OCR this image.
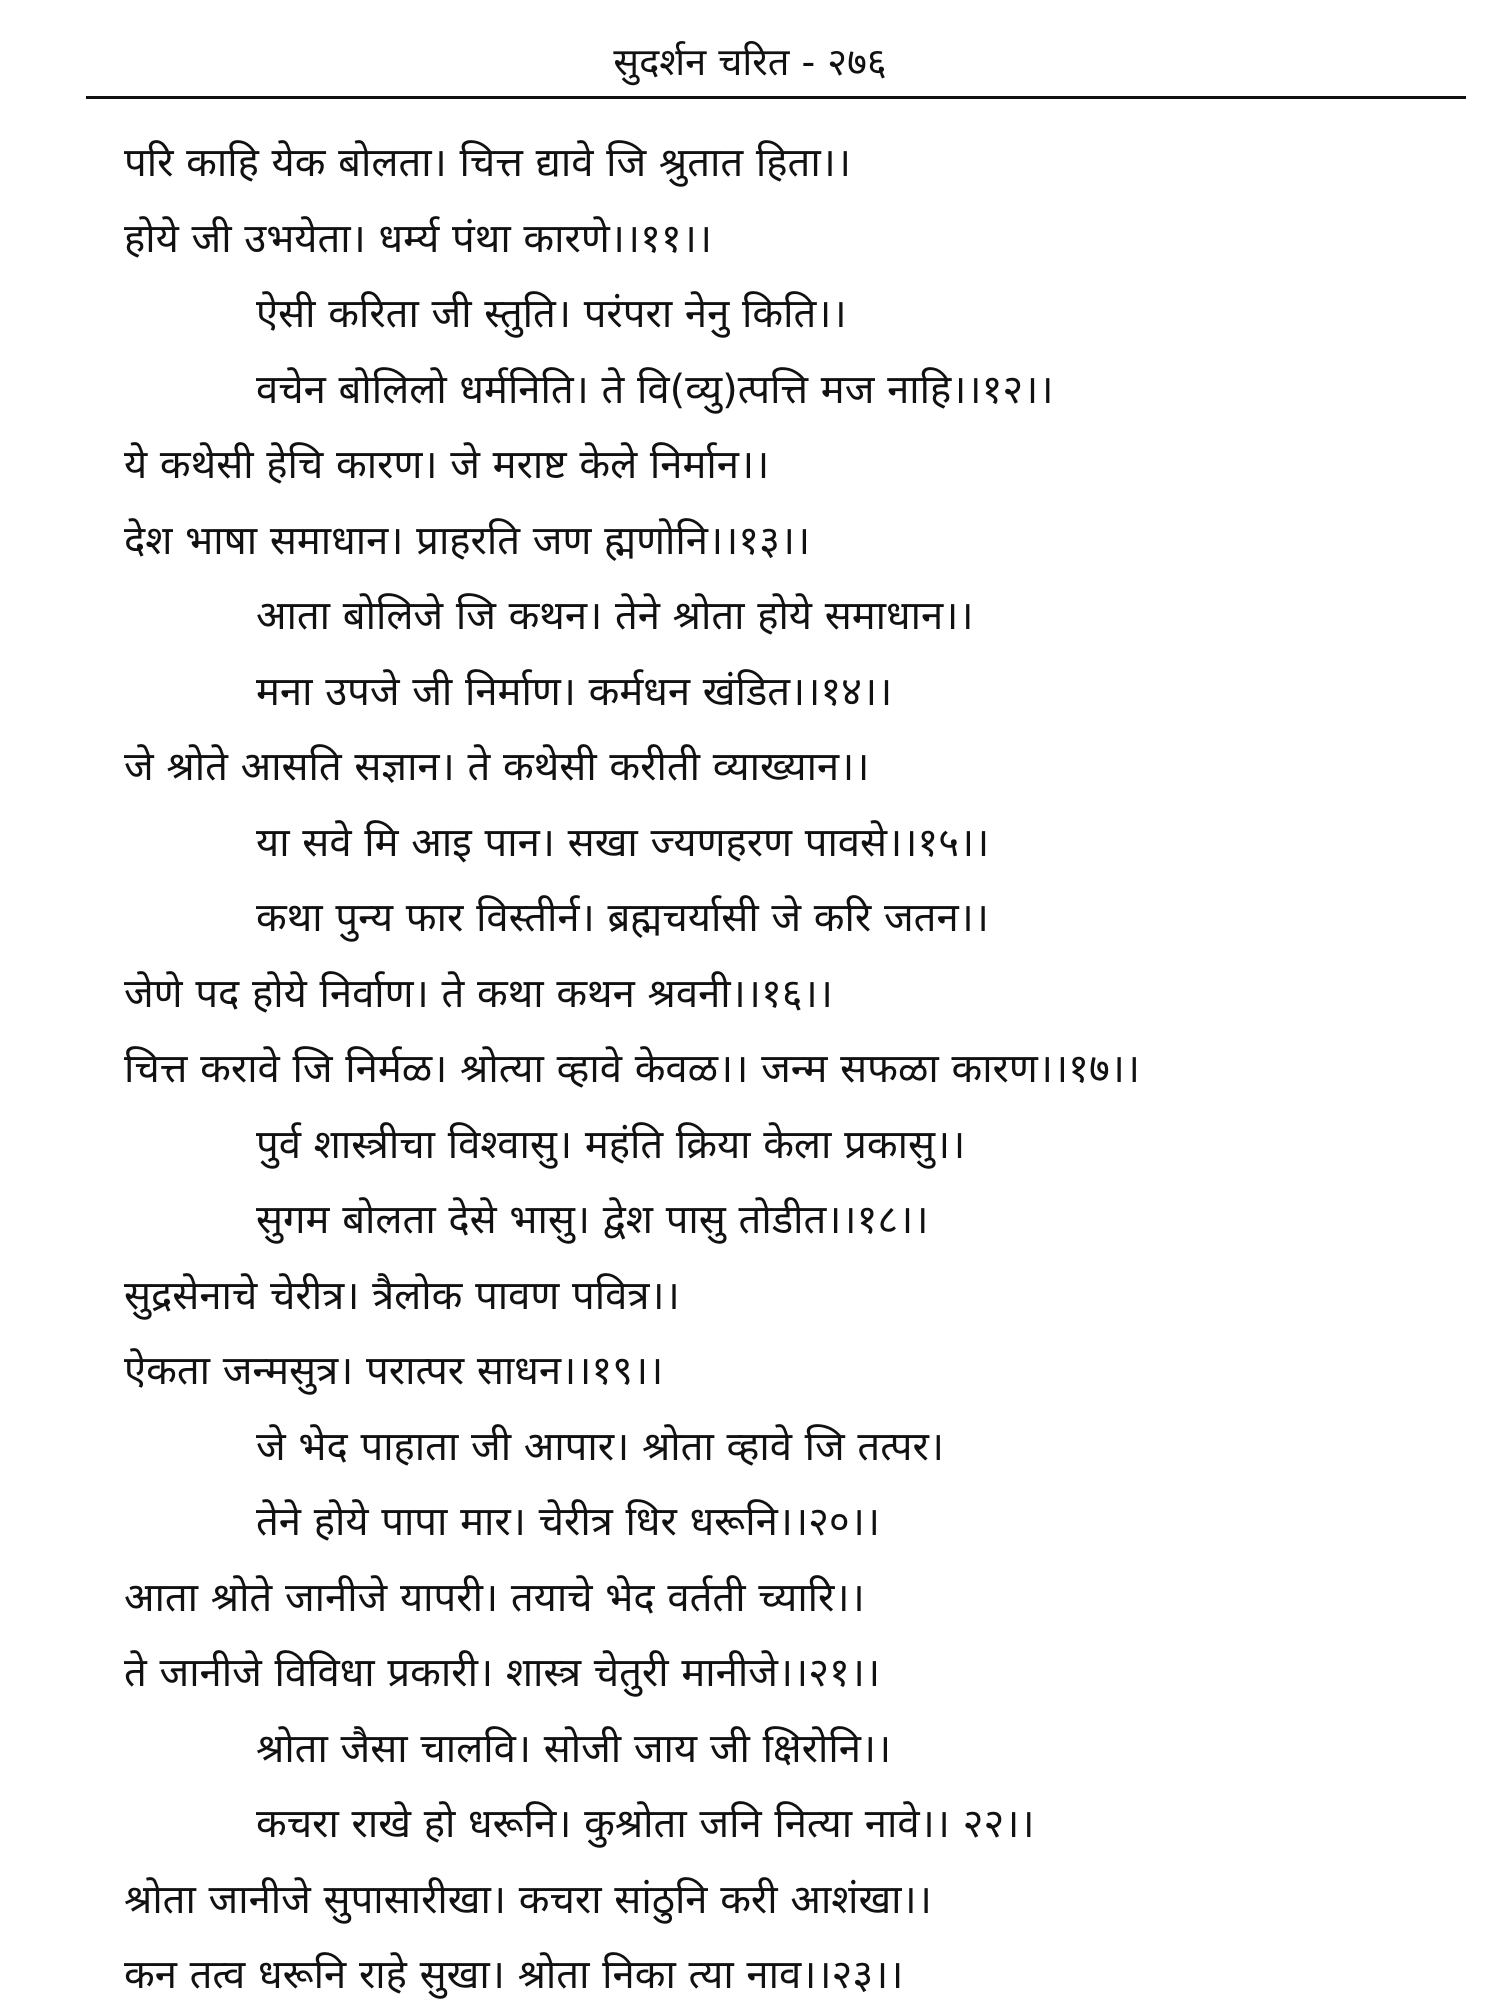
सुदर्शन चरित - २७६
परि काहि येक बोलता। चित्त द्यावे जि श्रुतात हिता।।
होये जी उभयेता। धर्म्य पंथा कारणे।।११।।
ऐसी करिता जी स्तुति। परंपरा नेनु किति।।
वचेन बोलिलो धर्मनिति। ते वि(व्यु)त्पत्ति मज नाहि।।१२।।
ये कथेसी हेचि कारण। जे मराष्ट केले निर्मान।।
देश भाषा समाधान। प्राहरति जण ह्मणोनि।।१३।।
आता बोलिजे जि कथन। तेने श्रोता होये समाधान।।
मना उपजे जी निर्माण। कर्मधन खंडित।।१४।।
जे श्रोते आसति सज्ञान। ते कथेसी करीती व्याख्यान।।
या सवे मि आइ पान। सखा ज्यणहरण पावसे।।१५।।
कथा पुन्य फार विस्तीर्न। ब्रह्मचर्यासी जे करि जतन।।
जेणे पद होये निर्वाण। ते कथा कथन श्रवनी।।१६।।
चित्त करावे जि निर्मळ। श्रोत्या व्हावे केवळ।। जन्म सफळा कारण।।१७।।
पुर्व शास्त्रीचा विश्वासु। महंति क्रिया केला प्रकासु।।
सुगम बोलता देसे भासु। द्वेश पासु तोडीत।।१८।।
सुद्रसेनाचे चेरीत्र। त्रैलोक पावण पवित्र।।
ऐकता जन्मसुत्र। परात्पर साधन।।१९।।
जे भेद पाहाता जी आपार। श्रोता व्हावे जि तत्पर।
तेने होये पापा मार। चेरीत्र धिर धरूनि।।२०।।
आता श्रोते जानीजे यापरी। तयाचे भेद वर्तती च्यारि।।
ते जानीजे विविधा प्रकारी। शास्त्र चेतुरी मानीजे।।२१।।
श्रोता जैसा चालवि। सोजी जाय जी क्षिरोनि।।
कचरा राखे हो धरूनि। कुश्रोता जनि नित्या नावे।। २२।।
श्रोता जानीजे सुपासारीखा। कचरा सांठुनि करी आशंखा।।
कन तत्व धरूनि राहे सुखा। श्रोता निका त्या नाव।।२३।।
